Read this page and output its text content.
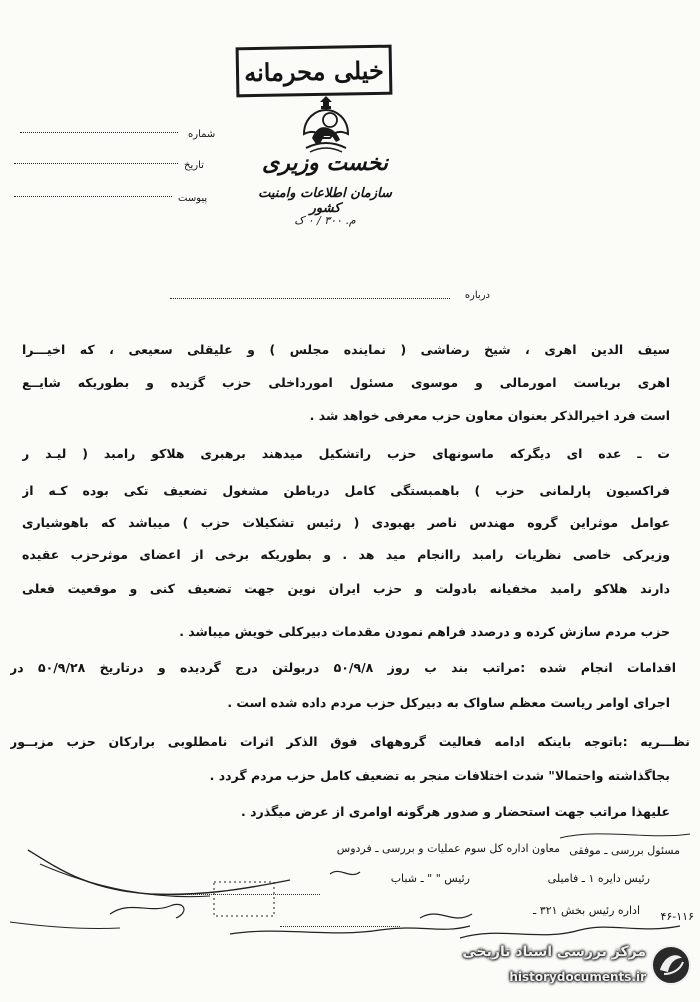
خیلی محرمانه
نخست وزیری
سازمان اطلاعات وامنیت کشور
م. ۳۰۰ / ۰ ک
شماره
تاریخ
پیوست
درباره
سیف الدین اهری ، شیخ رضاشی ( نماینده مجلس ) و علیقلی سعیعی ، که اخیـــرا
اهری بریاست امورمالی و موسوی مسئول امورداخلی حزب گزیده و بطوریکه شایــع
است فرد اخیرالذکر بعنوان معاون حزب معرفی خواهد شد .
ت ـ عده ای دیگرکه ماسونهای حزب راتشکیل میدهند برهبری هلاکو رامبد ( لیـد ر
فراکسیون پارلمانی حزب ) باهمبستگی کامل درباطن مشغول تضعیف تکی بوده کـه از
عوامل موثراین گروه مهندس ناصر بهبودی ( رئیس تشکیلات حزب ) میباشد که باهوشیاری
وزیرکی خاصی نظریات رامبد راانجام مید هد . و بطوریکه برخی از اعضای موثرحزب عقیده
دارند هلاکو رامبد مخفیانه بادولت و حزب ایران نوین جهت تضعیف کنی و موقعیت فعلی
حزب مردم سازش کرده و درصدد فراهم نمودن مقدمات دبیرکلی خویش میباشد .
اقدامات انجام شده :مراتب بند ب روز ۵۰/۹/۸ دربولتن درج گردیده و درتاریخ ۵۰/۹/۲۸ در
اجرای اوامر ریاست معظم ساواک به دبیرکل حزب مردم داده شده است .
نظـــریه :باتوجه باینکه ادامه فعالیت گروههای فوق الذکر اثرات نامطلوبی برارکان حزب مزبــور
بجاگذاشته واحتمالا" شدت اختلافات منجر به تضعیف کامل حزب مردم گردد .
علیهذا مراتب جهت استحضار و صدور هرگونه اوامری از عرض میگذرد .
مسئول بررسی ـ موفقی
معاون اداره کل سوم عملیات و بررسی ـ فردوس
رئیس دایره ۱ ـ فامیلی
رئیس " " ـ شباب
اداره رئیس بخش ۳۲۱ ـ ۴۶-۱۱۶
مرکز بررسی اسناد تاریخی
historydocuments.ir
